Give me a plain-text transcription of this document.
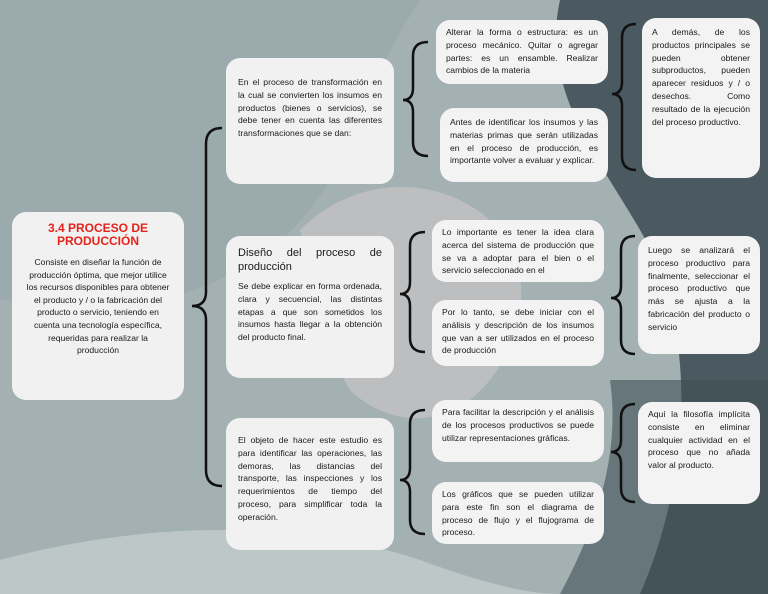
3.4 PROCESO DE PRODUCCIÓN
Consiste en diseñar la función de producción óptima, que mejor utilice los recursos disponibles para obtener el producto y / o la fabricación del producto o servicio, teniendo en cuenta una tecnología específica, requeridas para realizar la producción
En el proceso de transformación en la cual se convierten los insumos en productos (bienes o servicios), se debe tener en cuenta las diferentes transformaciones que se dan:
Diseño del proceso de producción
Se debe explicar en forma ordenada, clara y secuencial, las distintas etapas a que son sometidos los insumos hasta llegar a la obtención del producto final.
El objeto de hacer este estudio es para identificar las operaciones, las demoras, las distancias del transporte, las inspecciones y los requerimientos de tiempo del proceso, para simplificar toda la operación.
Alterar la forma o estructura: es un proceso mecánico. Quitar o agregar partes: es un ensamble. Realizar cambios de la materia
Antes de identificar los insumos y las materias primas que serán utilizadas en el proceso de producción, es importante volver a evaluar y explicar.
Lo importante es tener la idea clara acerca del sistema de producción que se va a adoptar para el bien o el servicio seleccionado en el
Por lo tanto, se debe iniciar con el análisis y descripción de los insumos que van a ser utilizados en el proceso de producción
Para facilitar la descripción y el análisis de los procesos productivos se puede utilizar representaciones gráficas.
Los gráficos que se pueden utilizar para este fin son el diagrama de proceso de flujo y el flujograma de proceso.
A demás, de los productos principales se pueden obtener subproductos, pueden aparecer residuos y / o desechos. Como resultado de la ejecución del proceso productivo.
Luego se analizará el proceso productivo para finalmente, seleccionar el proceso productivo que más se ajusta a la fabricación del producto o servicio
Aquí la filosofía implícita consiste en eliminar cualquier actividad en el proceso que no añada valor al producto.
